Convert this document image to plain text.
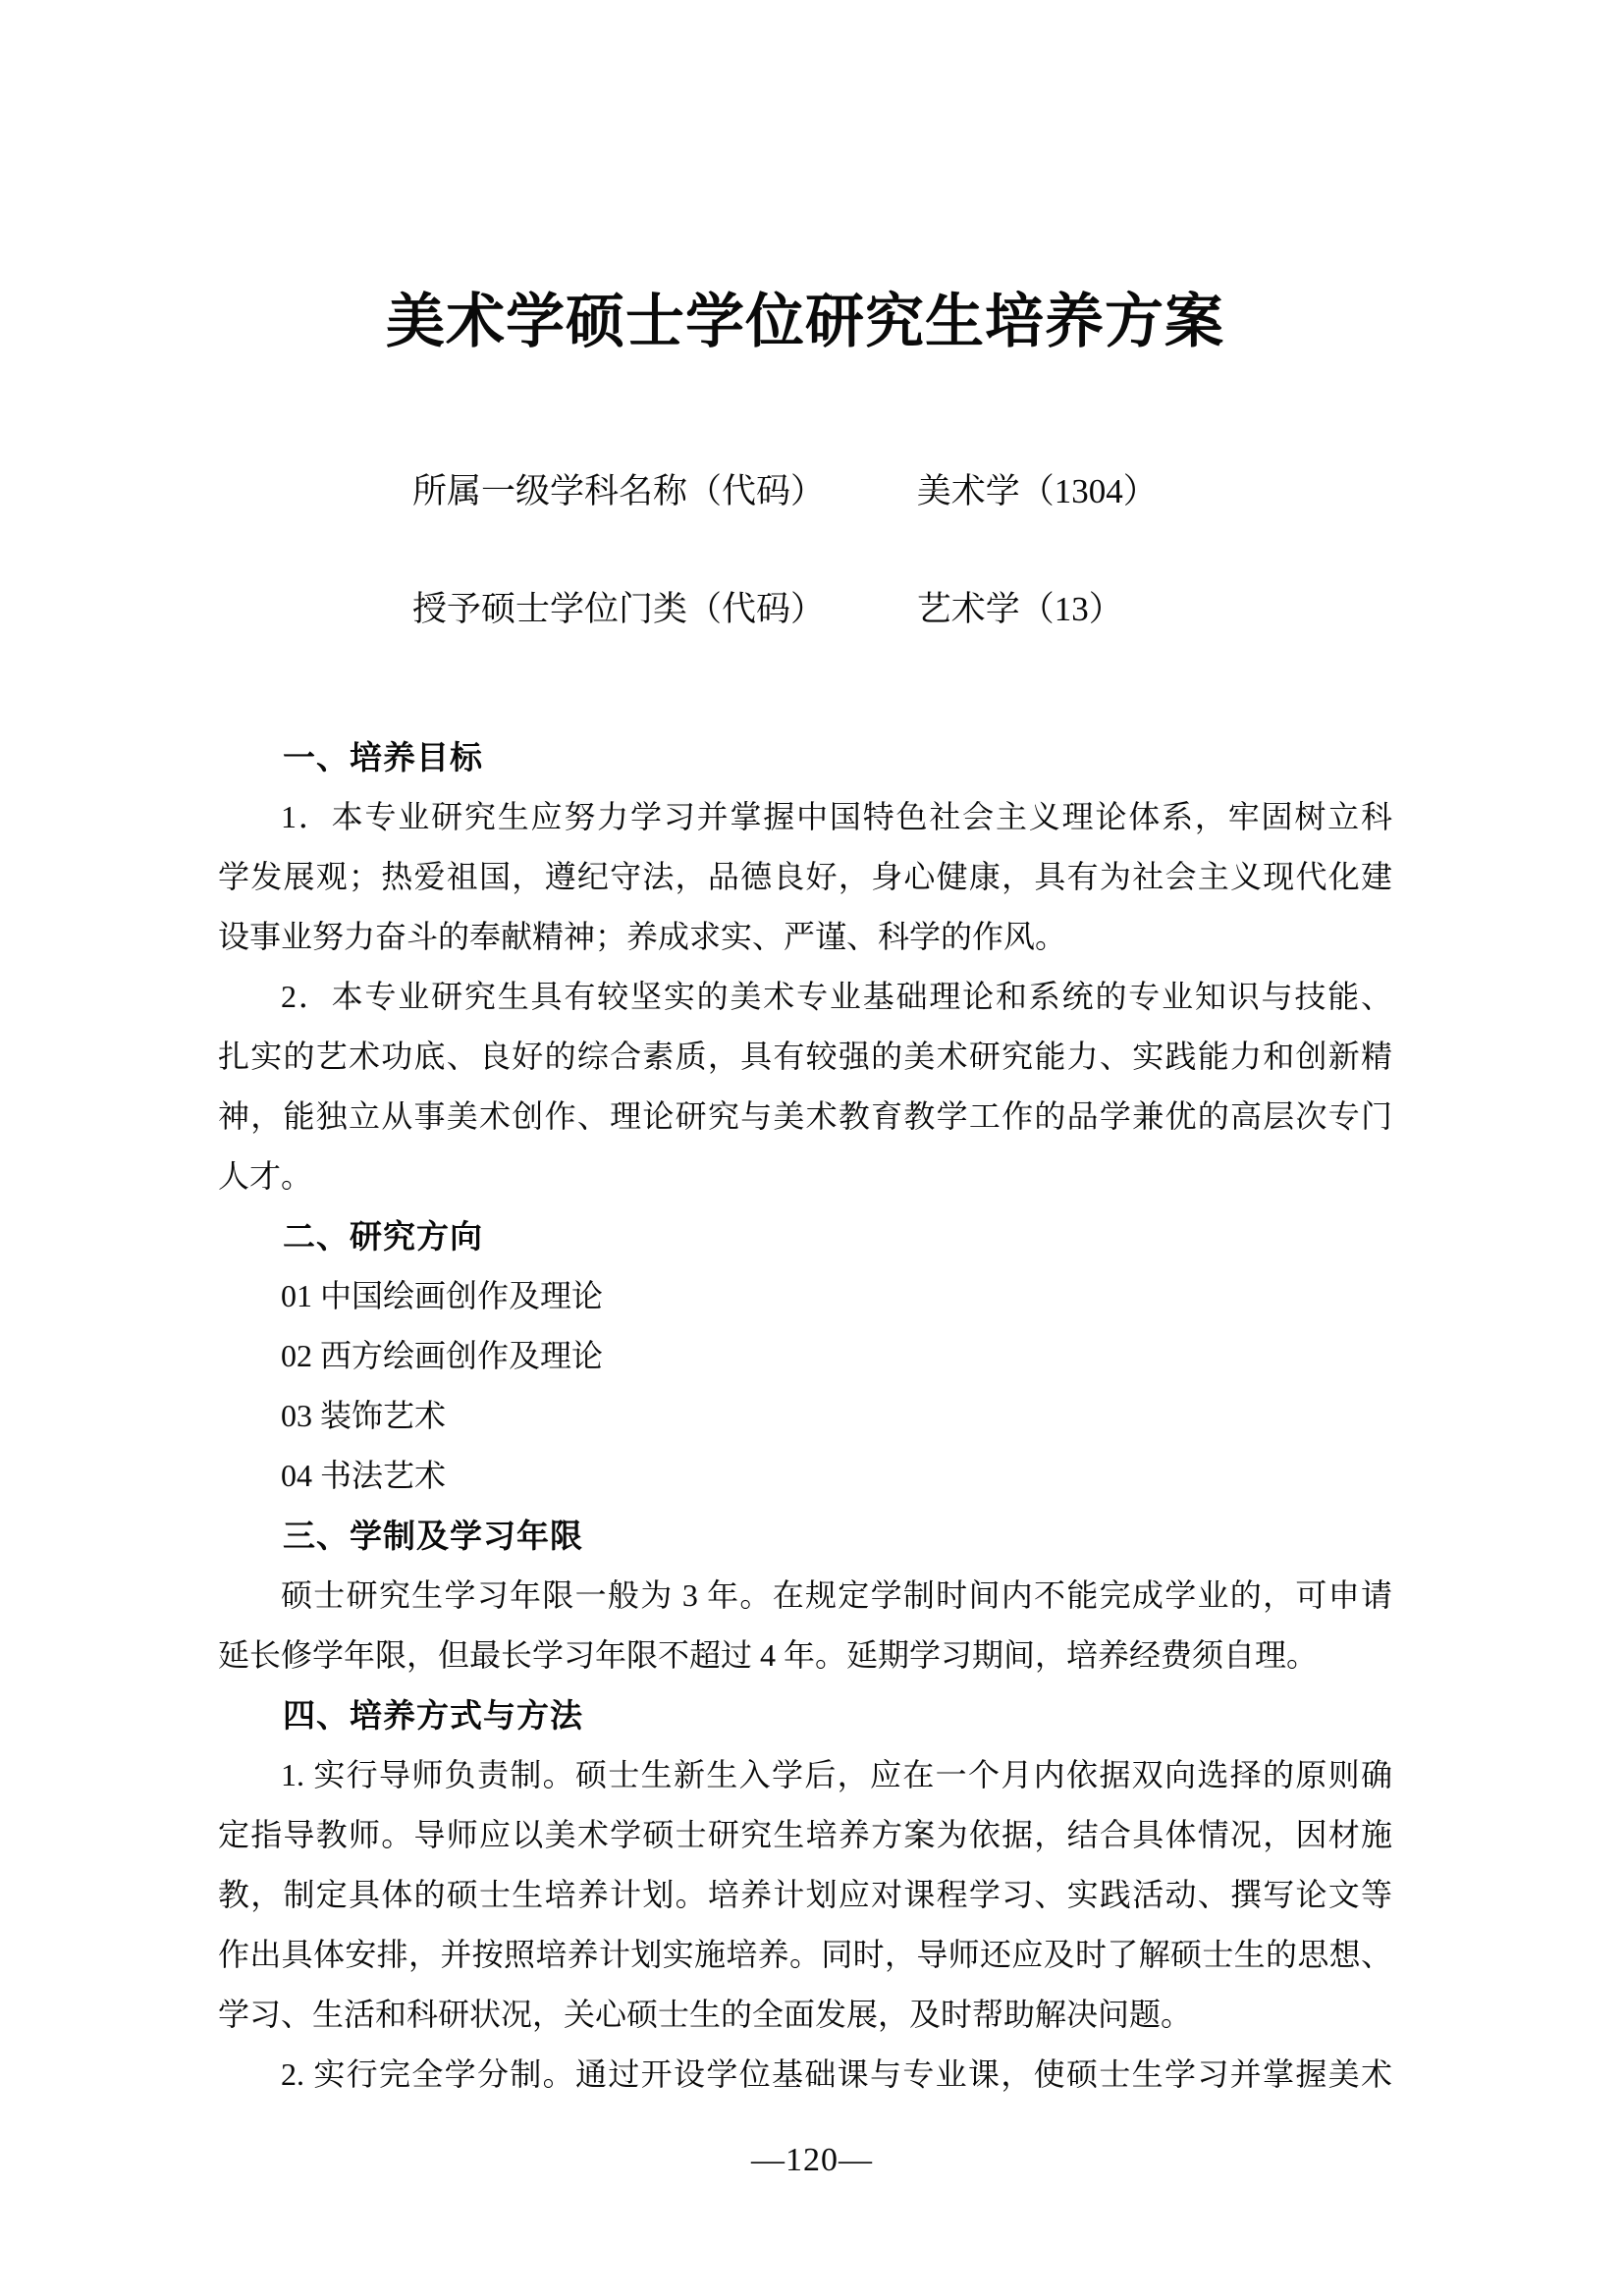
美术学硕士学位研究生培养方案
所属一级学科名称（代码）	美术学（1304）
授予硕士学位门类（代码）	艺术学（13）
一、培养目标
1．本专业研究生应努力学习并掌握中国特色社会主义理论体系，牢固树立科
学发展观；热爱祖国，遵纪守法，品德良好，身心健康，具有为社会主义现代化建
设事业努力奋斗的奉献精神；养成求实、严谨、科学的作风。
2．本专业研究生具有较坚实的美术专业基础理论和系统的专业知识与技能、
扎实的艺术功底、良好的综合素质，具有较强的美术研究能力、实践能力和创新精
神，能独立从事美术创作、理论研究与美术教育教学工作的品学兼优的高层次专门
人才。
二、研究方向
01 中国绘画创作及理论
02 西方绘画创作及理论
03 装饰艺术
04 书法艺术
三、学制及学习年限
硕士研究生学习年限一般为 3 年。在规定学制时间内不能完成学业的，可申请
延长修学年限，但最长学习年限不超过 4 年。延期学习期间，培养经费须自理。
四、培养方式与方法
1. 实行导师负责制。硕士生新生入学后，应在一个月内依据双向选择的原则确
定指导教师。导师应以美术学硕士研究生培养方案为依据，结合具体情况，因材施
教，制定具体的硕士生培养计划。培养计划应对课程学习、实践活动、撰写论文等
作出具体安排，并按照培养计划实施培养。同时，导师还应及时了解硕士生的思想、
学习、生活和科研状况，关心硕士生的全面发展，及时帮助解决问题。
2. 实行完全学分制。通过开设学位基础课与专业课，使硕士生学习并掌握美术
—120—
